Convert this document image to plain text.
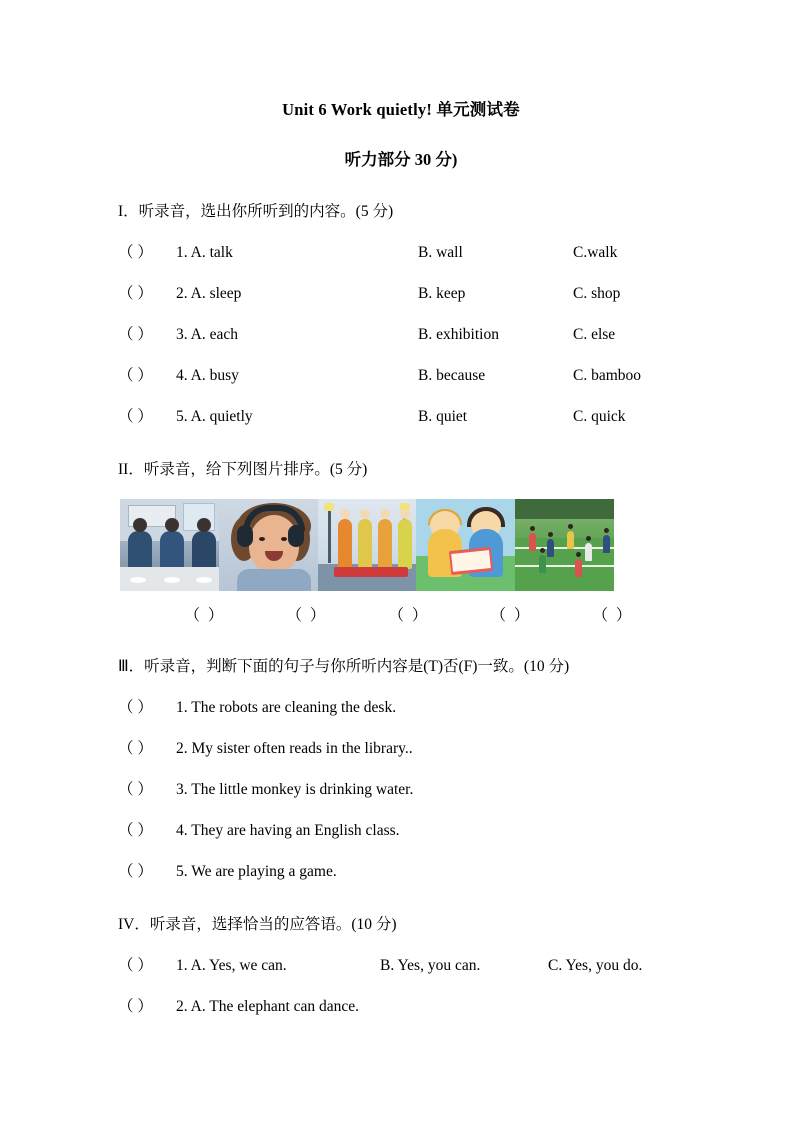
Unit 6 Work quietly! 单元测试卷
听力部分 30 分)
I．听录音，选出你所听到的内容。(5 分)
（ ） 1. A. talk	B. wall	C.walk
（ ） 2. A. sleep	B. keep	C. shop
（ ） 3. A. each	B. exhibition	C. else
（ ） 4. A. busy	B. because	C. bamboo
（ ） 5. A. quietly	B. quiet	C. quick
II．听录音，给下列图片排序。(5 分)
（ ）	（ ）	（ ）	（ ）	（ ）
Ⅲ．听录音，判断下面的句子与你所听内容是(T)否(F)一致。(10 分)
（ ） 1. The robots are cleaning the desk.
（ ） 2. My sister often reads in the library..
（ ） 3. The little monkey is drinking water.
（ ） 4. They are having an English class.
（ ） 5. We are playing a game.
IV．听录音，选择恰当的应答语。(10 分)
（ ） 1. A. Yes, we can.	B. Yes, you can.	C. Yes, you do.
（ ） 2. A. The elephant can dance.
